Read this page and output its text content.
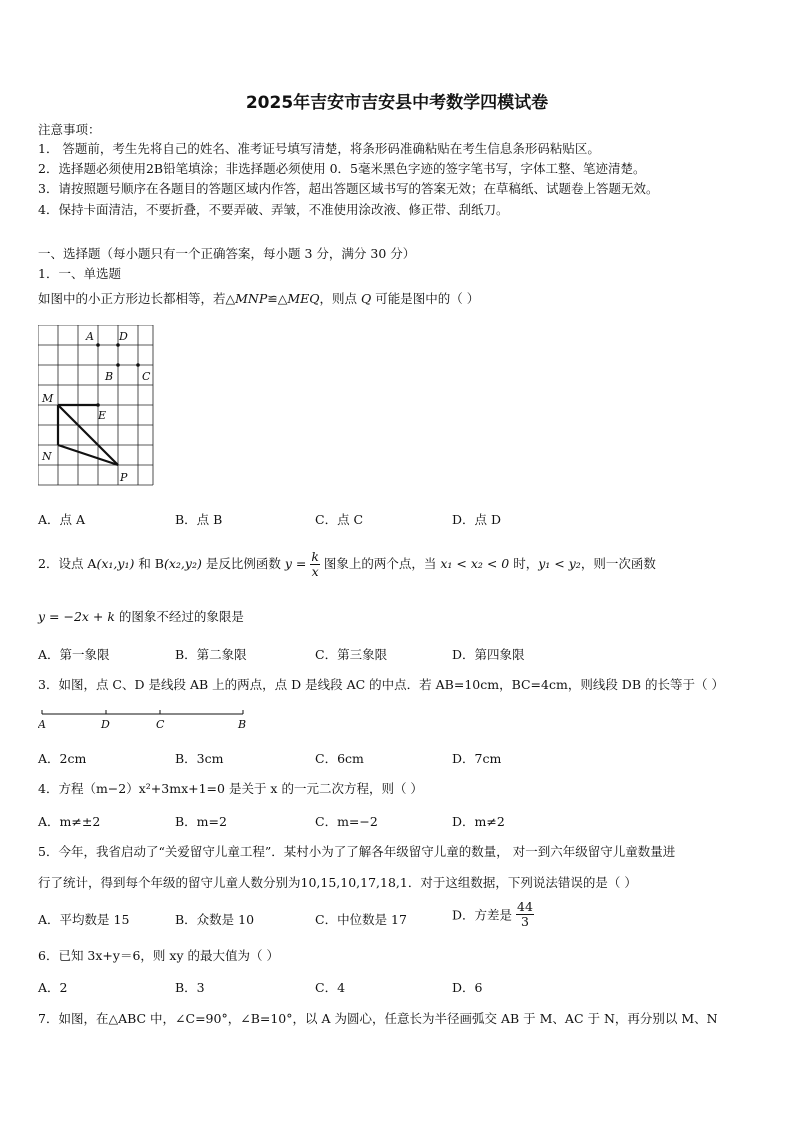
2025年吉安市吉安县中考数学四模试卷
注意事项：
1． 答题前，考生先将自己的姓名、准考证号填写清楚，将条形码准确粘贴在考生信息条形码粘贴区。
2．选择题必须使用2B铅笔填涂；非选择题必须使用 0．5毫米黑色字迹的签字笔书写，字体工整、笔迹清楚。
3．请按照题号顺序在各题目的答题区域内作答，超出答题区域书写的答案无效；在草稿纸、试题卷上答题无效。
4．保持卡面清洁，不要折叠，不要弄破、弄皱，不准使用涂改液、修正带、刮纸刀。
一、选择题（每小题只有一个正确答案，每小题 3 分，满分 30 分）
1．一、单选题
如图中的小正方形边长都相等，若△MNP≌△MEQ，则点 Q 可能是图中的（ ）
A D
B	C
M
E
N
P
A．点 A	B．点 B	C．点 C	D．点 D
2．设点 A(x₁,y₁) 和 B(x₂,y₂) 是反比例函数 $y = \frac{k}{x}$ 图象上的两个点，当 x₁ < x₂ < 0 时，y₁ < y₂，则一次函数
y = −2x + k 的图象不经过的象限是
A．第一象限	B．第二象限	C．第三象限	D．第四象限
3．如图，点 C、D 是线段 AB 上的两点，点 D 是线段 AC 的中点．若 AB=10cm，BC=4cm，则线段 DB 的长等于（ ）
A	D	C	B
A．2cm	B．3cm	C．6cm	D．7cm
4．方程（m−2）x²+3mx+1=0 是关于 x 的一元二次方程，则（ ）
A．m≠±2	B．m=2	C．m=−2	D．m≠2
5．今年，我省启动了“关爱留守儿童工程”．某村小为了了解各年级留守儿童的数量， 对一到六年级留守儿童数量进
行了统计，得到每个年级的留守儿童人数分别为10,15,10,17,18,1．对于这组数据，下列说法错误的是（ ）
A．平均数是 15	B．众数是 10	C．中位数是 17	D．方差是 $\frac{44}{3}$
6．已知 3x+y＝6，则 xy 的最大值为（ ）
A．2	B．3	C．4	D．6
7．如图，在△ABC 中，∠C=90°，∠B=10°，以 A 为圆心，任意长为半径画弧交 AB 于 M、AC 于 N，再分别以 M、N
